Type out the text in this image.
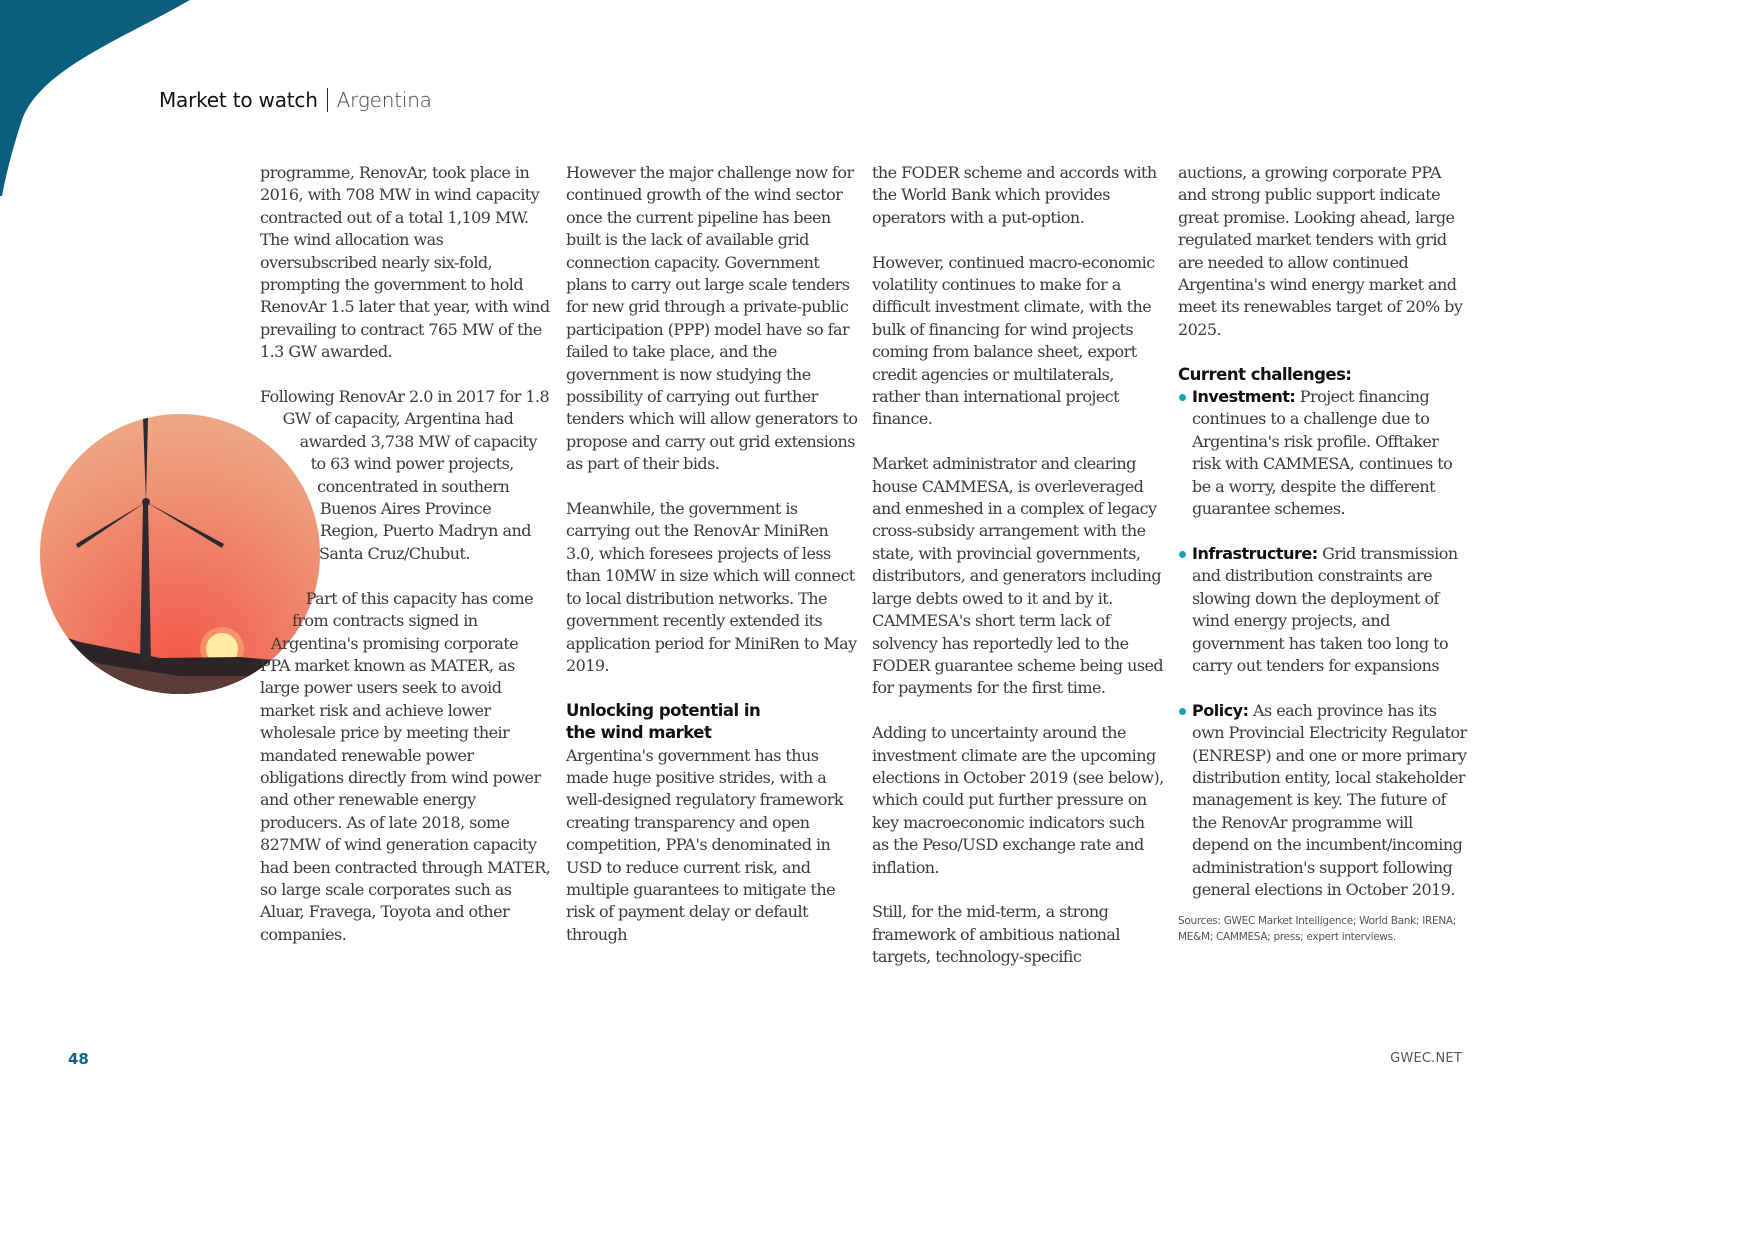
Market to watch Argentina

programme, RenovAr, took place in 2016, with 708 MW in wind capacity contracted out of a total 1,109 MW. The wind allocation was oversubscribed nearly six-fold, prompting the government to hold RenovAr 1.5 later that year, with wind prevailing to contract 765 MW of the 1.3 GW awarded.

Following RenovAr 2.0 in 2017 for 1.8 GW of capacity, Argentina had awarded 3,738 MW of capacity to 63 wind power projects, concentrated in southern Buenos Aires Province Region, Puerto Madryn and Santa Cruz/Chubut.

Part of this capacity has come from contracts signed in Argentina's promising corporate PPA market known as MATER, as large power users seek to avoid market risk and achieve lower wholesale price by meeting their mandated renewable power obligations directly from wind power and other renewable energy producers. As of late 2018, some 827MW of wind generation capacity had been contracted through MATER, so large scale corporates such as Aluar, Fravega, Toyota and other companies.

However the major challenge now for continued growth of the wind sector once the current pipeline has been built is the lack of available grid connection capacity. Government plans to carry out large scale tenders for new grid through a private-public participation (PPP) model have so far failed to take place, and the government is now studying the possibility of carrying out further tenders which will allow generators to propose and carry out grid extensions as part of their bids.

Meanwhile, the government is carrying out the RenovAr MiniRen 3.0, which foresees projects of less than 10MW in size which will connect to local distribution networks. The government recently extended its application period for MiniRen to May 2019.

Unlocking potential in the wind market

Argentina's government has thus made huge positive strides, with a well-designed regulatory framework creating transparency and open competition, PPA's denominated in USD to reduce current risk, and multiple guarantees to mitigate the risk of payment delay or default through

the FODER scheme and accords with the World Bank which provides operators with a put-option.

However, continued macro-economic volatility continues to make for a difficult investment climate, with the bulk of financing for wind projects coming from balance sheet, export credit agencies or multilaterals, rather than international project finance.

Market administrator and clearing house CAMMESA, is overleveraged and enmeshed in a complex of legacy cross-subsidy arrangement with the state, with provincial governments, distributors, and generators including large debts owed to it and by it. CAMMESA's short term lack of solvency has reportedly led to the FODER guarantee scheme being used for payments for the first time.

Adding to uncertainty around the investment climate are the upcoming elections in October 2019 (see below), which could put further pressure on key macroeconomic indicators such as the Peso/USD exchange rate and inflation.

Still, for the mid-term, a strong framework of ambitious national targets, technology-specific

auctions, a growing corporate PPA and strong public support indicate great promise. Looking ahead, large regulated market tenders with grid are needed to allow continued Argentina's wind energy market and meet its renewables target of 20% by 2025.

Current challenges:
Investment: Project financing continues to a challenge due to Argentina's risk profile. Offtaker risk with CAMMESA, continues to be a worry, despite the different guarantee schemes.
Infrastructure: Grid transmission and distribution constraints are slowing down the deployment of wind energy projects, and government has taken too long to carry out tenders for expansions
Policy: As each province has its own Provincial Electricity Regulator (ENRESP) and one or more primary distribution entity, local stakeholder management is key. The future of the RenovAr programme will depend on the incumbent/incoming administration's support following general elections in October 2019.
Sources: GWEC Market Intelligence; World Bank; IRENA; ME&M; CAMMESA; press; expert interviews.
48	GWEC.NET
